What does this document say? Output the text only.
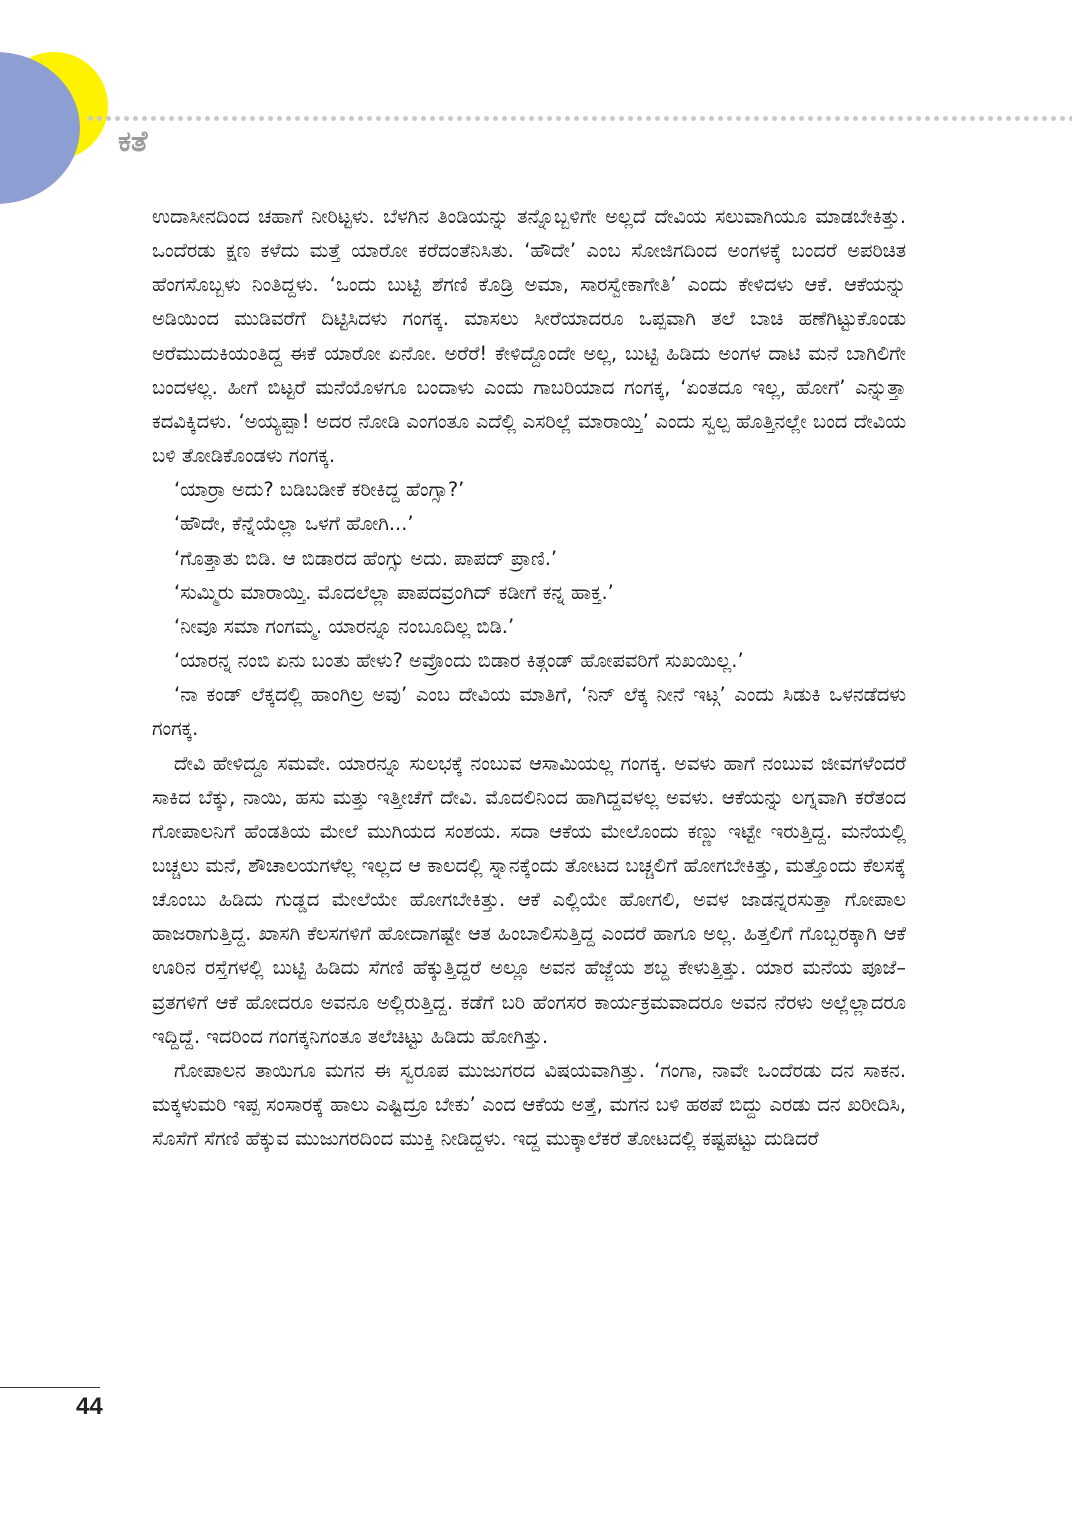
ಕತೆ

ಉದಾಸೀನದಿಂದ ಚಹಾಗೆ ನೀರಿಟ್ಟಳು. ಬೆಳಗಿನ ತಿಂಡಿಯನ್ನು ತನ್ನೊಬ್ಬಳಿಗೇ ಅಲ್ಲದೆ ದೇವಿಯ ಸಲುವಾಗಿಯೂ ಮಾಡಬೇಕಿತ್ತು. ಒಂದೆರಡು ಕ್ಷಣ ಕಳೆದು ಮತ್ತೆ ಯಾರೋ ಕರೆದಂತೆನಿಸಿತು. ‘ಹೌದೇ’ ಎಂಬ ಸೋಜಿಗದಿಂದ ಅಂಗಳಕ್ಕೆ ಬಂದರೆ ಅಪರಿಚಿತ ಹೆಂಗಸೊಬ್ಬಳು ನಿಂತಿದ್ದಳು. ‘ಒಂದು ಬುಟ್ಟಿ ಶೆಗಣಿ ಕೊಡ್ರಿ ಅಮಾ, ಸಾರಸ್ವೇಕಾಗೇತಿ’ ಎಂದು ಕೇಳಿದಳು ಆಕೆ. ಆಕೆಯನ್ನು ಅಡಿಯಿಂದ ಮುಡಿವರೆಗೆ ದಿಟ್ಟಿಸಿದಳು ಗಂಗಕ್ಕ. ಮಾಸಲು ಸೀರೆಯಾದರೂ ಒಪ್ಪವಾಗಿ ತಲೆ ಬಾಚಿ ಹಣೆಗಿಟ್ಟುಕೊಂಡು ಅರೆಮುದುಕಿಯಂತಿದ್ದ ಈಕೆ ಯಾರೋ ಏನೋ. ಅರೆರೆ! ಕೇಳಿದ್ದೊಂದೇ ಅಲ್ಲ, ಬುಟ್ಟಿ ಹಿಡಿದು ಅಂಗಳ ದಾಟಿ ಮನೆ ಬಾಗಿಲಿಗೇ ಬಂದಳಲ್ಲ. ಹೀಗೆ ಬಿಟ್ಟರೆ ಮನೆಯೊಳಗೂ ಬಂದಾಳು ಎಂದು ಗಾಬರಿಯಾದ ಗಂಗಕ್ಕ, ‘ಏಂತದೂ ಇಲ್ಲ, ಹೋಗೆ’ ಎನ್ನುತ್ತಾ ಕದವಿಕ್ಕಿದಳು. ‘ಅಯ್ಯಪ್ಪಾ! ಅದರ ನೋಡಿ ಎಂಗಂತೂ ಎದೆಲ್ಲಿ ಎಸರಿಲ್ಲೆ ಮಾರಾಯ್ತಿ’ ಎಂದು ಸ್ವಲ್ಪ ಹೊತ್ತಿನಲ್ಲೇ ಬಂದ ದೇವಿಯ ಬಳಿ ತೋಡಿಕೊಂಡಳು ಗಂಗಕ್ಕ.

‘ಯಾರ್‍ರಾ ಅದು? ಬಡಿಬಡೀಕೆ ಕರೀಕಿದ್ದ ಹೆಂಗ್ಸಾ?’

‘ಹೌದೇ, ಕೆನ್ನೆಯೆಲ್ಲಾ ಒಳಗೆ ಹೋಗಿ...’

‘ಗೊತ್ತಾತು ಬಿಡಿ. ಆ ಬಿಡಾರದ ಹೆಂಗ್ಸು ಅದು. ಪಾಪದ್ ಪ್ರಾಣಿ.’

‘ಸುಮ್ಮಿರು ಮಾರಾಯ್ತಿ. ಮೊದಲೆಲ್ಲಾ ಪಾಪದವ್ರಂಗಿದ್ ಕಡೀಗೆ ಕನ್ನ ಹಾಕ್ತ.’

‘ನೀವೂ ಸಮಾ ಗಂಗಮ್ಮ. ಯಾರನ್ನೂ ನಂಬೂದಿಲ್ಲ ಬಿಡಿ.’

‘ಯಾರನ್ನ ನಂಬಿ ಏನು ಬಂತು ಹೇಳು? ಅವ್ರೊಂದು ಬಿಡಾರ ಕಿತ್ಗಂಡ್ ಹೋಪವರಿಗೆ ಸುಖಯಿಲ್ಲ.’

‘ನಾ ಕಂಡ್ ಲೆಕ್ಕದಲ್ಲಿ ಹಾಂಗಿಲ್ರ ಅವು’ ಎಂಬ ದೇವಿಯ ಮಾತಿಗೆ, ‘ನಿನ್ ಲೆಕ್ಕ ನೀನೆ ಇಟ್ಗ’ ಎಂದು ಸಿಡುಕಿ ಒಳನಡೆದಳು ಗಂಗಕ್ಕ.

ದೇವಿ ಹೇಳಿದ್ದೂ ಸಮವೇ. ಯಾರನ್ನೂ ಸುಲಭಕ್ಕೆ ನಂಬುವ ಆಸಾಮಿಯಲ್ಲ ಗಂಗಕ್ಕ. ಅವಳು ಹಾಗೆ ನಂಬುವ ಜೀವಗಳೆಂದರೆ ಸಾಕಿದ ಬೆಕ್ಕು, ನಾಯಿ, ಹಸು ಮತ್ತು ಇತ್ತೀಚೆಗೆ ದೇವಿ. ಮೊದಲಿನಿಂದ ಹಾಗಿದ್ದವಳಲ್ಲ ಅವಳು. ಆಕೆಯನ್ನು ಲಗ್ನವಾಗಿ ಕರೆತಂದ ಗೋಪಾಲನಿಗೆ ಹೆಂಡತಿಯ ಮೇಲೆ ಮುಗಿಯದ ಸಂಶಯ. ಸದಾ ಆಕೆಯ ಮೇಲೊಂದು ಕಣ್ಣು ಇಟ್ಟೇ ಇರುತ್ತಿದ್ದ. ಮನೆಯಲ್ಲಿ ಬಚ್ಚಲು ಮನೆ, ಶೌಚಾಲಯಗಳೆಲ್ಲ ಇಲ್ಲದ ಆ ಕಾಲದಲ್ಲಿ ಸ್ನಾನಕ್ಕೆಂದು ತೋಟದ ಬಚ್ಚಲಿಗೆ ಹೋಗಬೇಕಿತ್ತು, ಮತ್ತೊಂದು ಕೆಲಸಕ್ಕೆ ಚೊಂಬು ಹಿಡಿದು ಗುಡ್ಡದ ಮೇಲೆಯೇ ಹೋಗಬೇಕಿತ್ತು. ಆಕೆ ಎಲ್ಲಿಯೇ ಹೋಗಲಿ, ಅವಳ ಜಾಡನ್ನರಸುತ್ತಾ ಗೋಪಾಲ ಹಾಜರಾಗುತ್ತಿದ್ದ. ಖಾಸಗಿ ಕೆಲಸಗಳಿಗೆ ಹೋದಾಗಷ್ಟೇ ಆತ ಹಿಂಬಾಲಿಸುತ್ತಿದ್ದ ಎಂದರೆ ಹಾಗೂ ಅಲ್ಲ. ಹಿತ್ತಲಿಗೆ ಗೊಬ್ಬರಕ್ಕಾಗಿ ಆಕೆ ಊರಿನ ರಸ್ತೆಗಳಲ್ಲಿ ಬುಟ್ಟಿ ಹಿಡಿದು ಸೆಗಣಿ ಹೆಕ್ಕುತ್ತಿದ್ದರೆ ಅಲ್ಲೂ ಅವನ ಹೆಜ್ಜೆಯ ಶಬ್ದ ಕೇಳುತ್ತಿತ್ತು. ಯಾರ ಮನೆಯ ಪೂಜೆ–ವ್ರತಗಳಿಗೆ ಆಕೆ ಹೋದರೂ ಅವನೂ ಅಲ್ಲಿರುತ್ತಿದ್ದ. ಕಡೆಗೆ ಬರಿ ಹೆಂಗಸರ ಕಾರ್ಯಕ್ರಮವಾದರೂ ಅವನ ನೆರಳು ಅಲ್ಲೆಲ್ಲಾದರೂ ಇದ್ದಿದ್ದೆ. ಇದರಿಂದ ಗಂಗಕ್ಕನಿಗಂತೂ ತಲೆಚಿಟ್ಟು ಹಿಡಿದು ಹೋಗಿತ್ತು.

ಗೋಪಾಲನ ತಾಯಿಗೂ ಮಗನ ಈ ಸ್ವರೂಪ ಮುಜುಗರದ ವಿಷಯವಾಗಿತ್ತು. ‘ಗಂಗಾ, ನಾವೇ ಒಂದೆರಡು ದನ ಸಾಕನ. ಮಕ್ಕಳುಮರಿ ಇಪ್ಪ ಸಂಸಾರಕ್ಕೆ ಹಾಲು ಎಷ್ಟಿದ್ರೂ ಬೇಕು’ ಎಂದ ಆಕೆಯ ಅತ್ತೆ, ಮಗನ ಬಳಿ ಹಠಪೆ ಬಿದ್ದು ಎರಡು ದನ ಖರೀದಿಸಿ, ಸೊಸೆಗೆ ಸೆಗಣಿ ಹೆಕ್ಕುವ ಮುಜುಗರದಿಂದ ಮುಕ್ತಿ ನೀಡಿದ್ದಳು. ಇದ್ದ ಮುಕ್ಕಾಲೆಕರೆ ತೋಟದಲ್ಲಿ ಕಷ್ಟಪಟ್ಟು ದುಡಿದರೆ

44
